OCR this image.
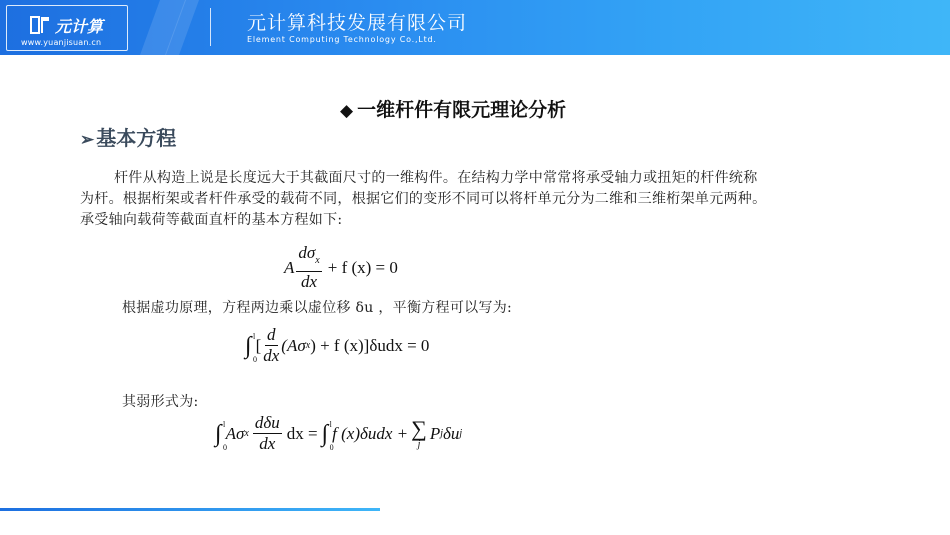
元计算
www.yuanjisuan.cn
元计算科技发展有限公司
Element Computing Technology Co.,Ltd.
◆ 一维杆件有限元理论分析
➢ 基本方程
杆件从构造上说是长度远大于其截面尺寸的一维构件。在结构力学中常常将承受轴力或扭矩的杆件统称
为杆。根据桁架或者杆件承受的载荷不同，根据它们的变形不同可以将杆单元分为二维和三维桁架单元两种。
承受轴向载荷等截面直杆的基本方程如下:
A $\frac{d\sigma_x}{dx} + f$ (x) = 0
根据虚功原理，方程两边乘以虚位移 δu ，平衡方程可以写为:
∫ l
0
[ $\frac{d}{dx} (A\sigma$ x ) + f (x)]δudx = 0
其弱形式为:
∫ l
0
Aσ x $\frac{\text{dδu}}{dx}$ dx = ∫ l
0
f (x)δudx + ∑
j
P j δu j
